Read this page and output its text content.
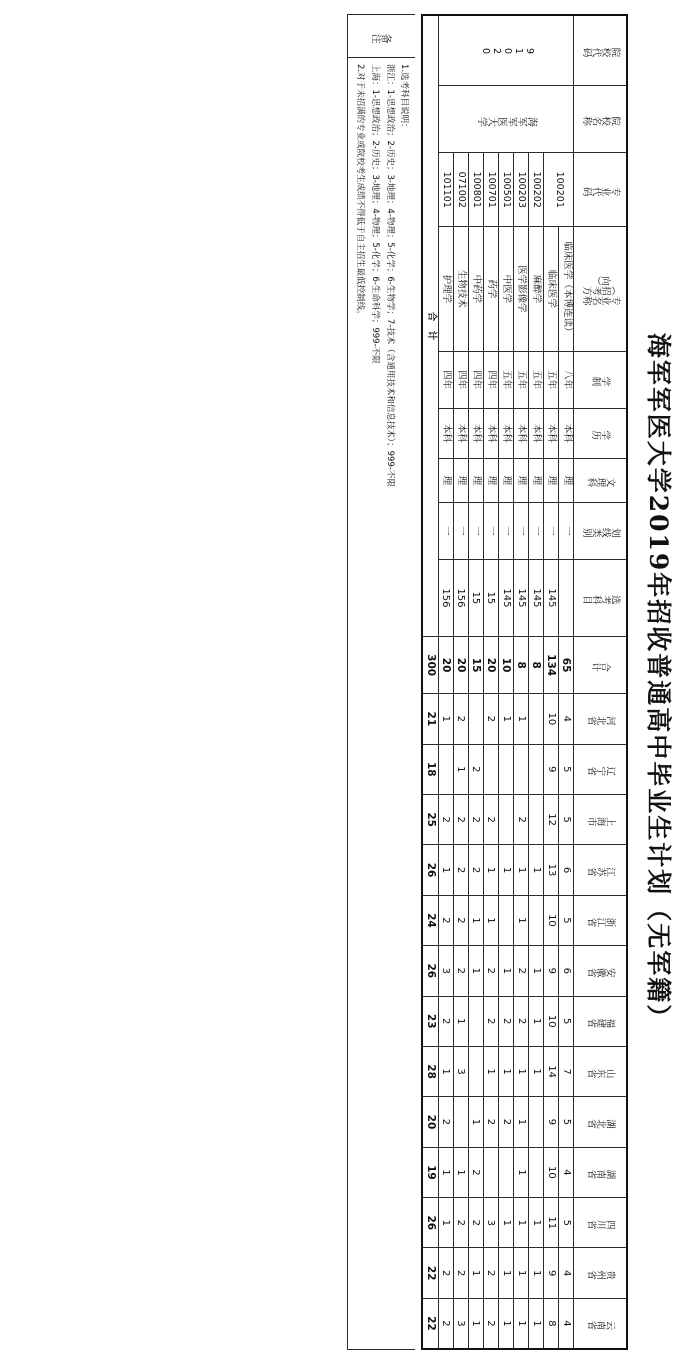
海军军医大学2019年招收普通高中毕业生计划（无军籍）
院校代码	院校名称	专业代码	专业名称（招考方向）	学制	学历	文理科	划线类别	选考科目	合计	河北省	辽宁省	上海市	江苏省	浙江省	安徽省	福建省	山东省	湖北省	湖南省	四川省	贵州省	云南省
91020	海军军医大学	100201	临床医学（本博连读）	八年	本科	理	一		65	4	5	5	6	5	6	5	7	5	4	5	4	4
			临床医学	五年	本科	理	一	145	134	10	9	12	13	10	9	10	14	9	10	11	9	8
		100202	麻醉学	五年	本科	理	一	145	8				1		1	1	1			1	1	1
		100203	医学影像学	五年	本科	理	一	145	8	1		2	1	1	2	2	1	1	1	1	1	1
		100501	中医学	五年	本科	理	一	145	10	1			1		1	2	1	2		1	1	1
		100701	药学	四年	本科	理	一	15	20	2		2	1	1	2	2	1	2		3	2	2
		100801	中药学	四年	本科	理	一	15	15		2	2	2	1	1			1	2	2	1	1
		071002	生物技术	四年	本科	理	一	156	20	2	1	2	2	2	2	1	3		1	2	2	3
		101101	护理学	四年	本科	理	一	156	20	1		2	1	2	3	2	1	2	1	1	2	2
合　计									300	21	18	25	26	24	26	23	28	20	19	26	22	22
备注
1.选考科目说明：
浙江：1-思想政治；2-历史；3-地理；4-物理；5-化学；6-生物学；7-技术（含通用技术和信息技术）；999-不限
上海：1-思想政治；2-历史；3-地理；4-物理；5-化学；6-生命科学；999-不限
2.对于未招满的专业或院校考生成绩不得低于自主招生最低控制线。
